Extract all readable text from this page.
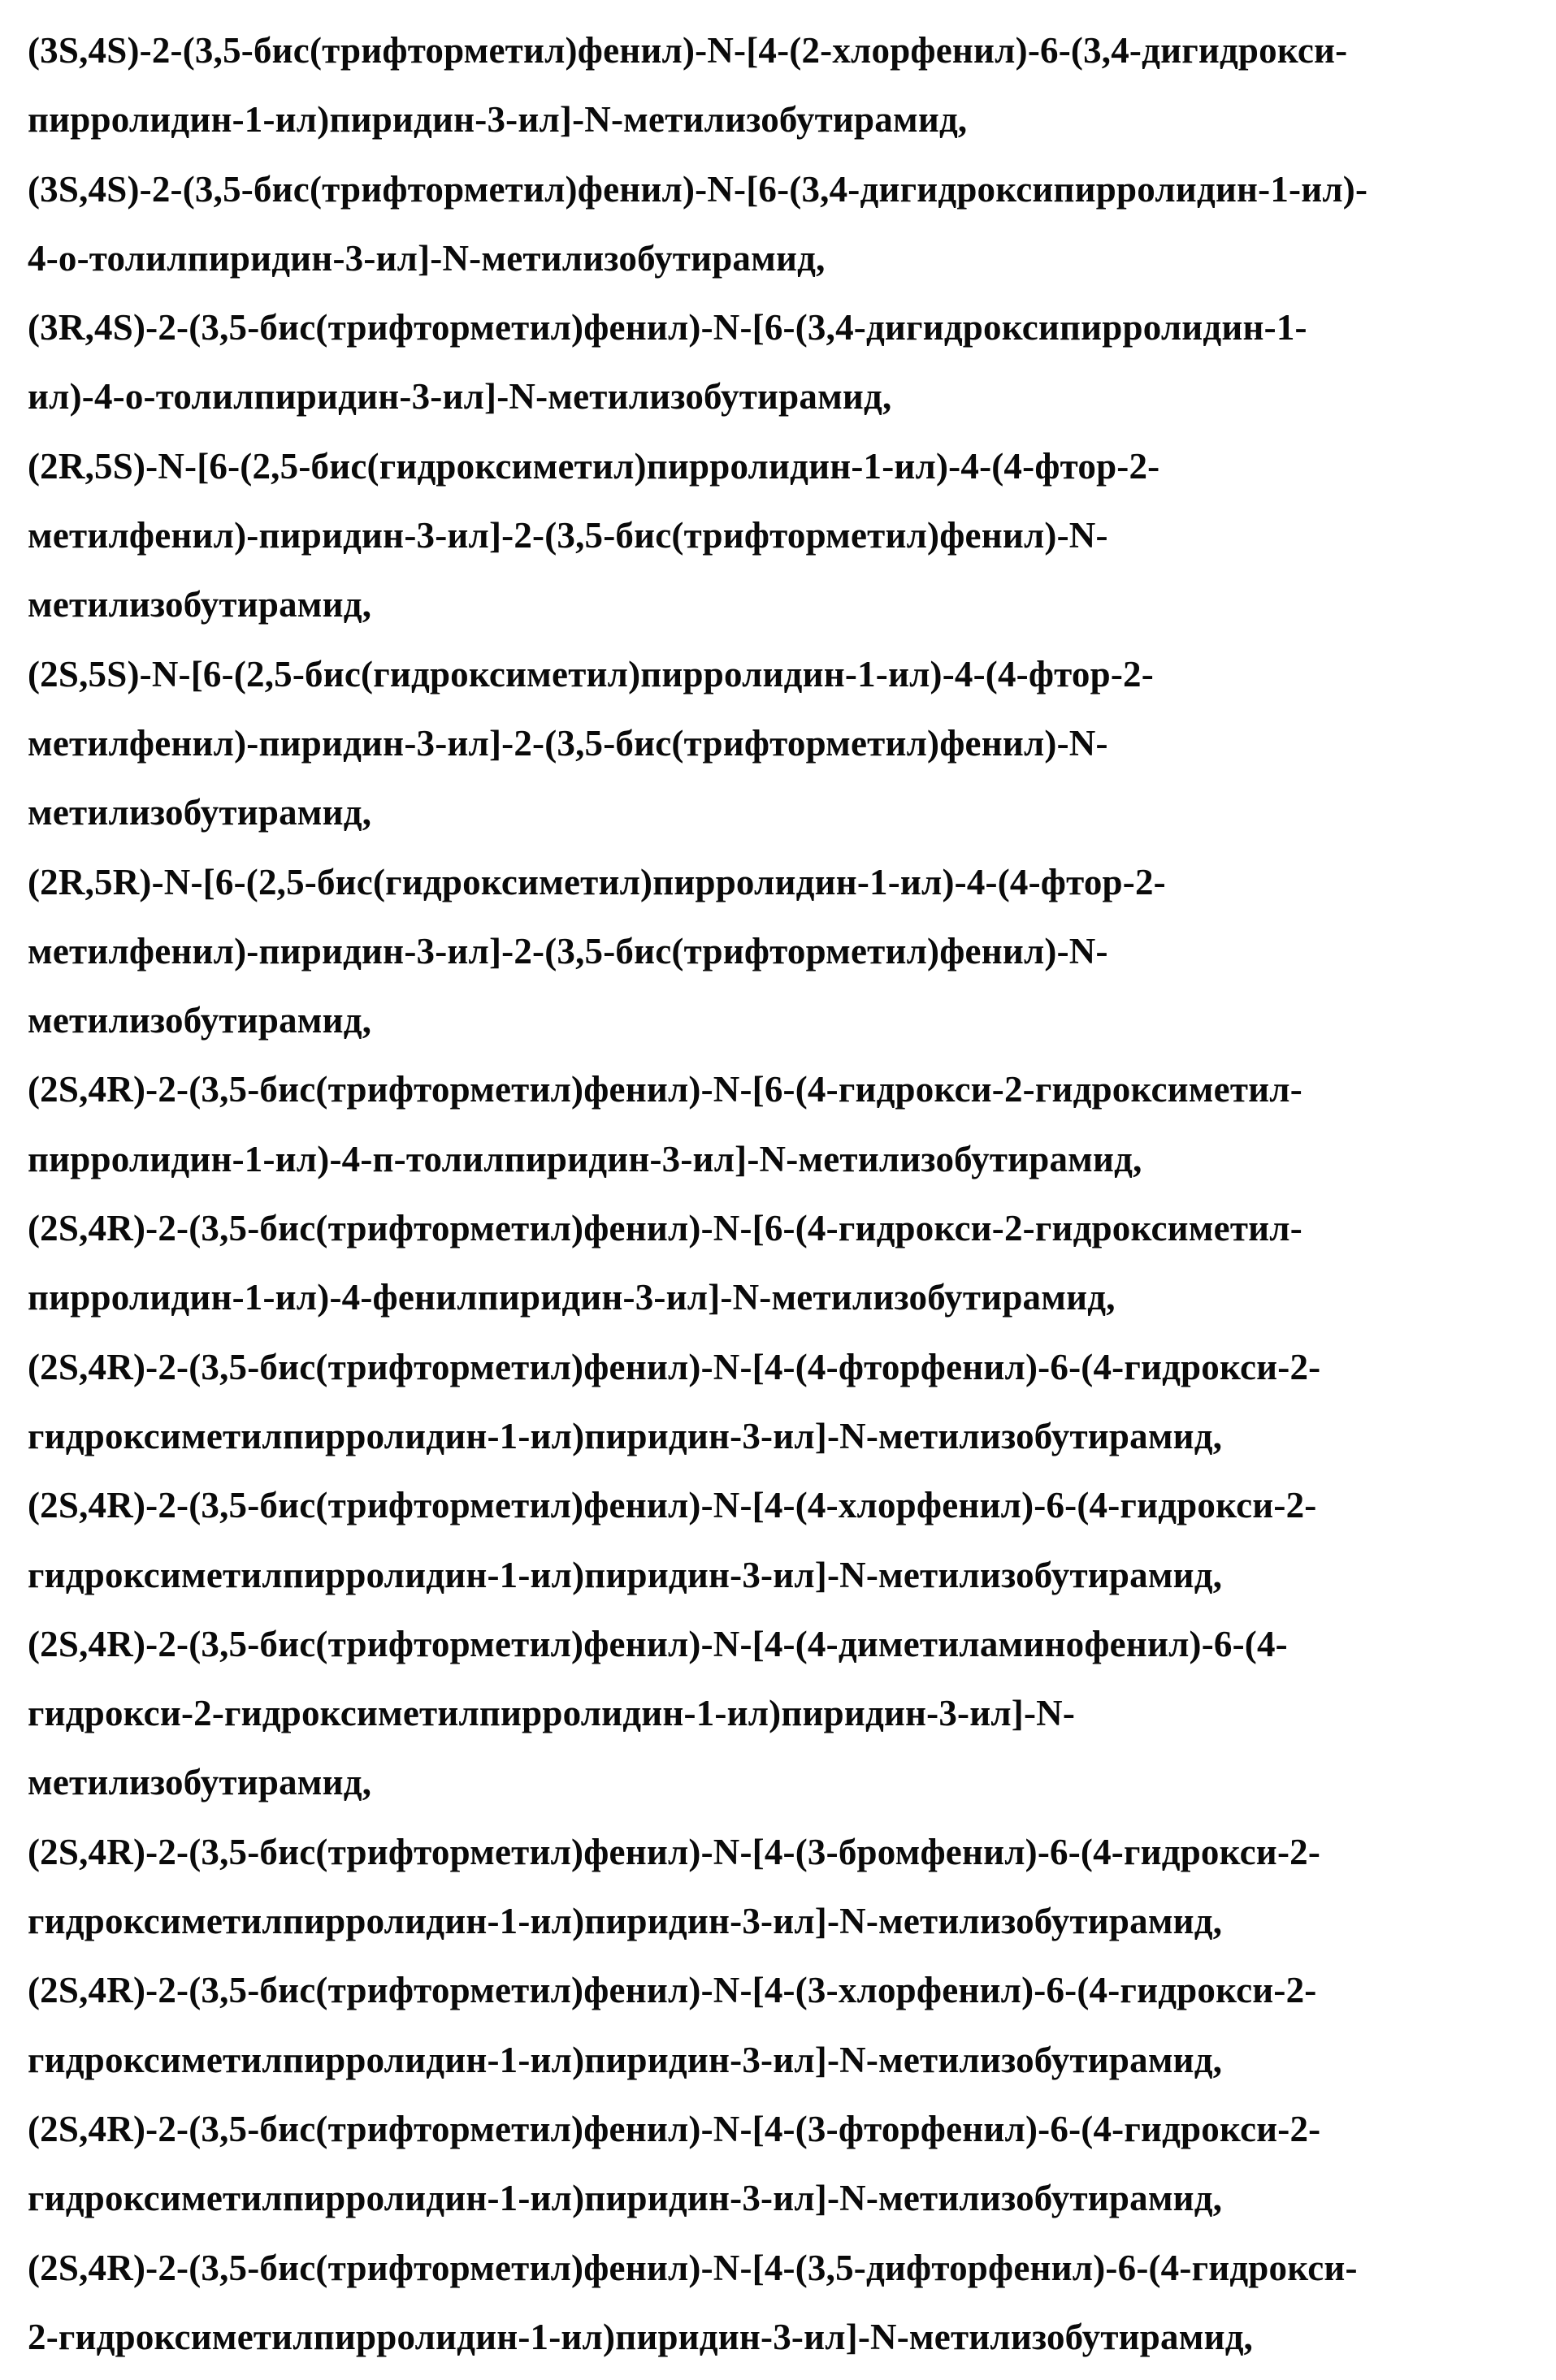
(3S,4S)-2-(3,5-бис(трифторметил)фенил)-N-[4-(2-хлорфенил)-6-(3,4-дигидрокси-
пирролидин-1-ил)пиридин-3-ил]-N-метилизобутирамид,
(3S,4S)-2-(3,5-бис(трифторметил)фенил)-N-[6-(3,4-дигидроксипирролидин-1-ил)-
4-о-толилпиридин-3-ил]-N-метилизобутирамид,
(3R,4S)-2-(3,5-бис(трифторметил)фенил)-N-[6-(3,4-дигидроксипирролидин-1-
ил)-4-о-толилпиридин-3-ил]-N-метилизобутирамид,
(2R,5S)-N-[6-(2,5-бис(гидроксиметил)пирролидин-1-ил)-4-(4-фтор-2-
метилфенил)-пиридин-3-ил]-2-(3,5-бис(трифторметил)фенил)-N-
метилизобутирамид,
(2S,5S)-N-[6-(2,5-бис(гидроксиметил)пирролидин-1-ил)-4-(4-фтор-2-
метилфенил)-пиридин-3-ил]-2-(3,5-бис(трифторметил)фенил)-N-
метилизобутирамид,
(2R,5R)-N-[6-(2,5-бис(гидроксиметил)пирролидин-1-ил)-4-(4-фтор-2-
метилфенил)-пиридин-3-ил]-2-(3,5-бис(трифторметил)фенил)-N-
метилизобутирамид,
(2S,4R)-2-(3,5-бис(трифторметил)фенил)-N-[6-(4-гидрокси-2-гидроксиметил-
пирролидин-1-ил)-4-п-толилпиридин-3-ил]-N-метилизобутирамид,
(2S,4R)-2-(3,5-бис(трифторметил)фенил)-N-[6-(4-гидрокси-2-гидроксиметил-
пирролидин-1-ил)-4-фенилпиридин-3-ил]-N-метилизобутирамид,
(2S,4R)-2-(3,5-бис(трифторметил)фенил)-N-[4-(4-фторфенил)-6-(4-гидрокси-2-
гидроксиметилпирролидин-1-ил)пиридин-3-ил]-N-метилизобутирамид,
(2S,4R)-2-(3,5-бис(трифторметил)фенил)-N-[4-(4-хлорфенил)-6-(4-гидрокси-2-
гидроксиметилпирролидин-1-ил)пиридин-3-ил]-N-метилизобутирамид,
(2S,4R)-2-(3,5-бис(трифторметил)фенил)-N-[4-(4-диметиламинофенил)-6-(4-
гидрокси-2-гидроксиметилпирролидин-1-ил)пиридин-3-ил]-N-
метилизобутирамид,
(2S,4R)-2-(3,5-бис(трифторметил)фенил)-N-[4-(3-бромфенил)-6-(4-гидрокси-2-
гидроксиметилпирролидин-1-ил)пиридин-3-ил]-N-метилизобутирамид,
(2S,4R)-2-(3,5-бис(трифторметил)фенил)-N-[4-(3-хлорфенил)-6-(4-гидрокси-2-
гидроксиметилпирролидин-1-ил)пиридин-3-ил]-N-метилизобутирамид,
(2S,4R)-2-(3,5-бис(трифторметил)фенил)-N-[4-(3-фторфенил)-6-(4-гидрокси-2-
гидроксиметилпирролидин-1-ил)пиридин-3-ил]-N-метилизобутирамид,
(2S,4R)-2-(3,5-бис(трифторметил)фенил)-N-[4-(3,5-дифторфенил)-6-(4-гидрокси-
2-гидроксиметилпирролидин-1-ил)пиридин-3-ил]-N-метилизобутирамид,
